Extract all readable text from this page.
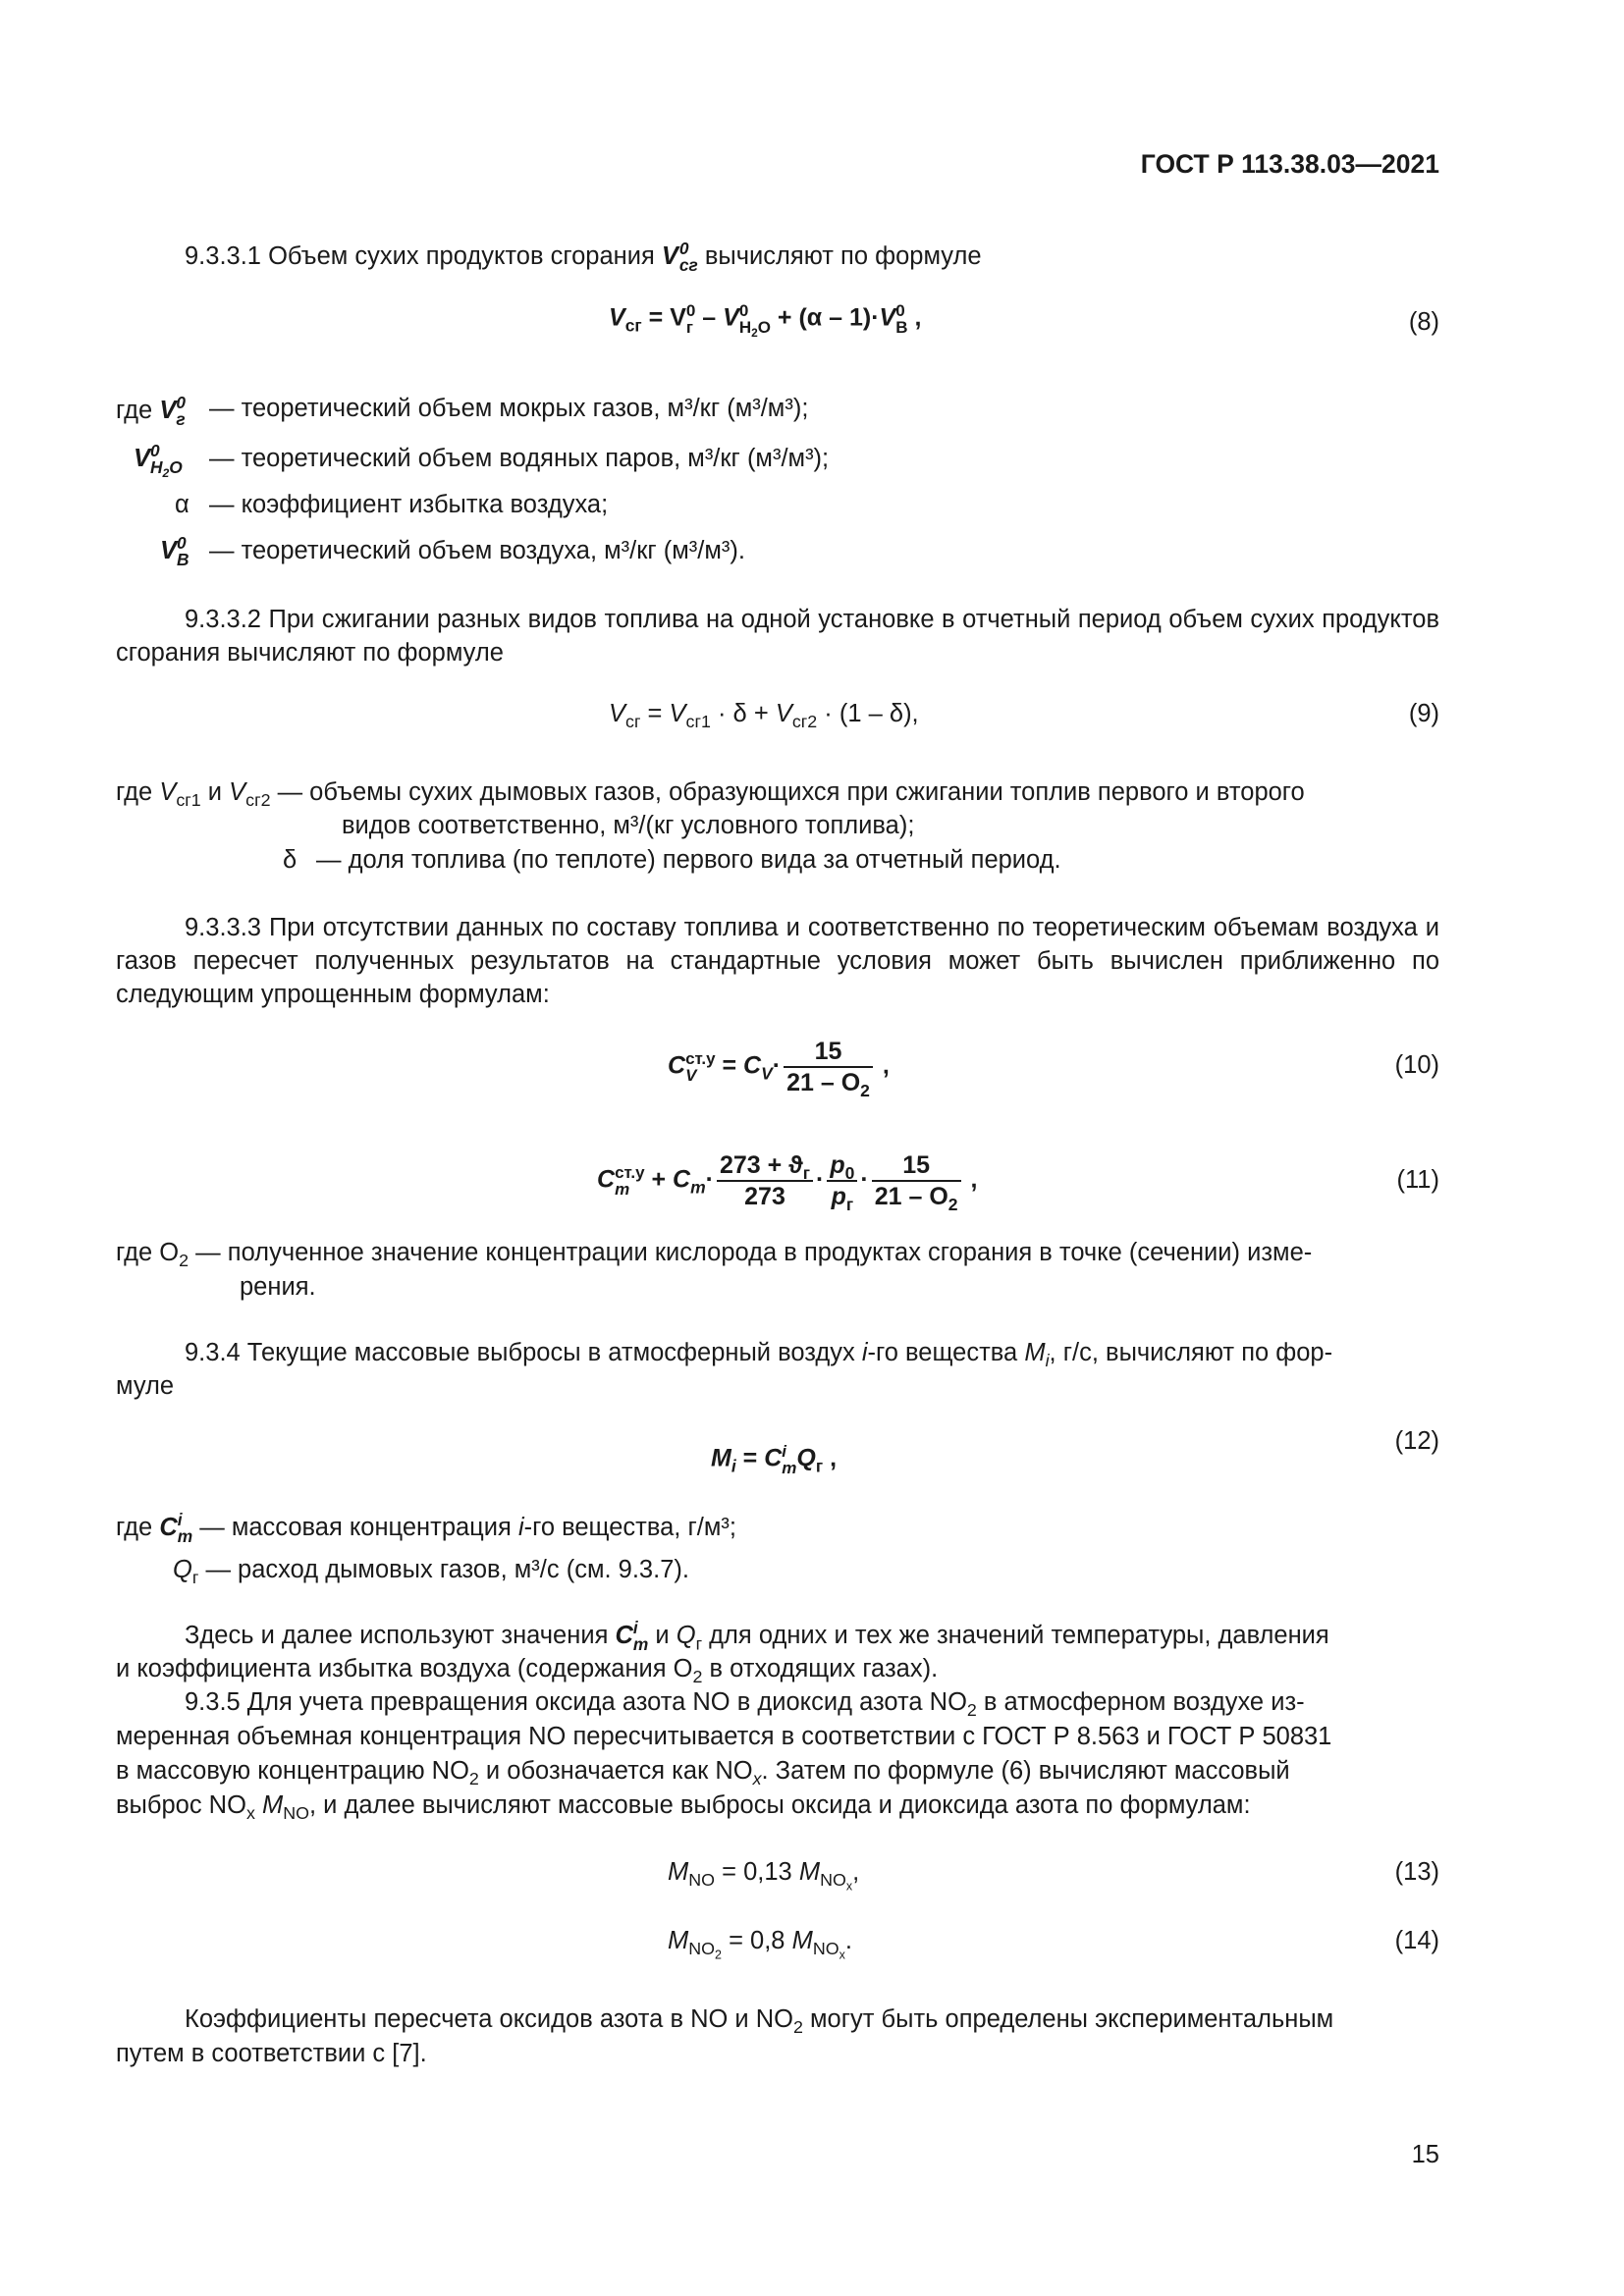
ГОСТ Р 113.38.03—2021
9.3.3.1 Объем сухих продуктов сгорания V 0
сг вычисляют по формуле
$V_{сг} = V$ 0
г – V 0
$H_2O + (\alpha - 1)\cdot V$ 0
В ,	(8)
где V 0
г — теоретический объем мокрых газов, м³/кг (м³/м³);
V 0
$H_2O$ — теоретический объем водяных паров, м³/кг (м³/м³);
α — коэффициент избытка воздуха;
V 0
В — теоретический объем воздуха, м³/кг (м³/м³).
9.3.3.2 При сжигании разных видов топлива на одной установке в отчетный период объем сухих продуктов сгорания вычисляют по формуле
$V_{сг} = V_{сг1} \cdot \delta + V_{сг2} \cdot (1 - \delta)$,	(9)
где $V_{сг1}$ и $V_{сг2}$ — объемы сухих дымовых газов, образующихся при сжигании топлив первого и второго
видов соответственно, м³/(кг условного топлива);
δ — доля топлива (по теплоте) первого вида за отчетный период.
9.3.3.3 При отсутствии данных по составу топлива и соответственно по теоретическим объемам воздуха и газов пересчет полученных результатов на стандартные условия может быть вычислен приближенно по следующим упрощенным формулам:
C ст.у
$V = C_V\cdot \frac{15}{21 - O_2}$ ,	(10)
C ст.у
$m + C_m\cdot \frac{273 + ϑ_г}{273} \cdot \frac{p_0}{p_г} \cdot \frac{15}{21 - O_2}$ ,	(11)
где $O_2$ — полученное значение концентрации кислорода в продуктах сгорания в точке (сечении) изме-
рения.
9.3.4 Текущие массовые выбросы в атмосферный воздух i-го вещества $M_i$, г/с, вычисляют по фор-
муле
$M_i = C$ i
m $Q_г$ ,
(12)
где C i
m — массовая концентрация i-го вещества, г/м³;
$Q_г$ — расход дымовых газов, м³/с (см. 9.3.7).
Здесь и далее используют значения C i
m и $Q_г$ для одних и тех же значений температуры, давления
и коэффициента избытка воздуха (содержания $O_2$ в отходящих газах).
9.3.5 Для учета превращения оксида азота NO в диоксид азота $NO_2$ в атмосферном воздухе из-
меренная объемная концентрация NO пересчитывается в соответствии с ГОСТ Р 8.563 и ГОСТ Р 50831
в массовую концентрацию $NO_2$ и обозначается как $NO_x$. Затем по формуле (6) вычисляют массовый
выброс $NO_x$ $M_{NO}$, и далее вычисляют массовые выбросы оксида и диоксида азота по формулам:
$M_{NO} = 0,13$ $M_{NO_x}$,	(13)
$M_{NO_2} = 0,8$ $M_{NO_x}$.	(14)
Коэффициенты пересчета оксидов азота в NO и $NO_2$ могут быть определены экспериментальным
путем в соответствии с [7].
15
